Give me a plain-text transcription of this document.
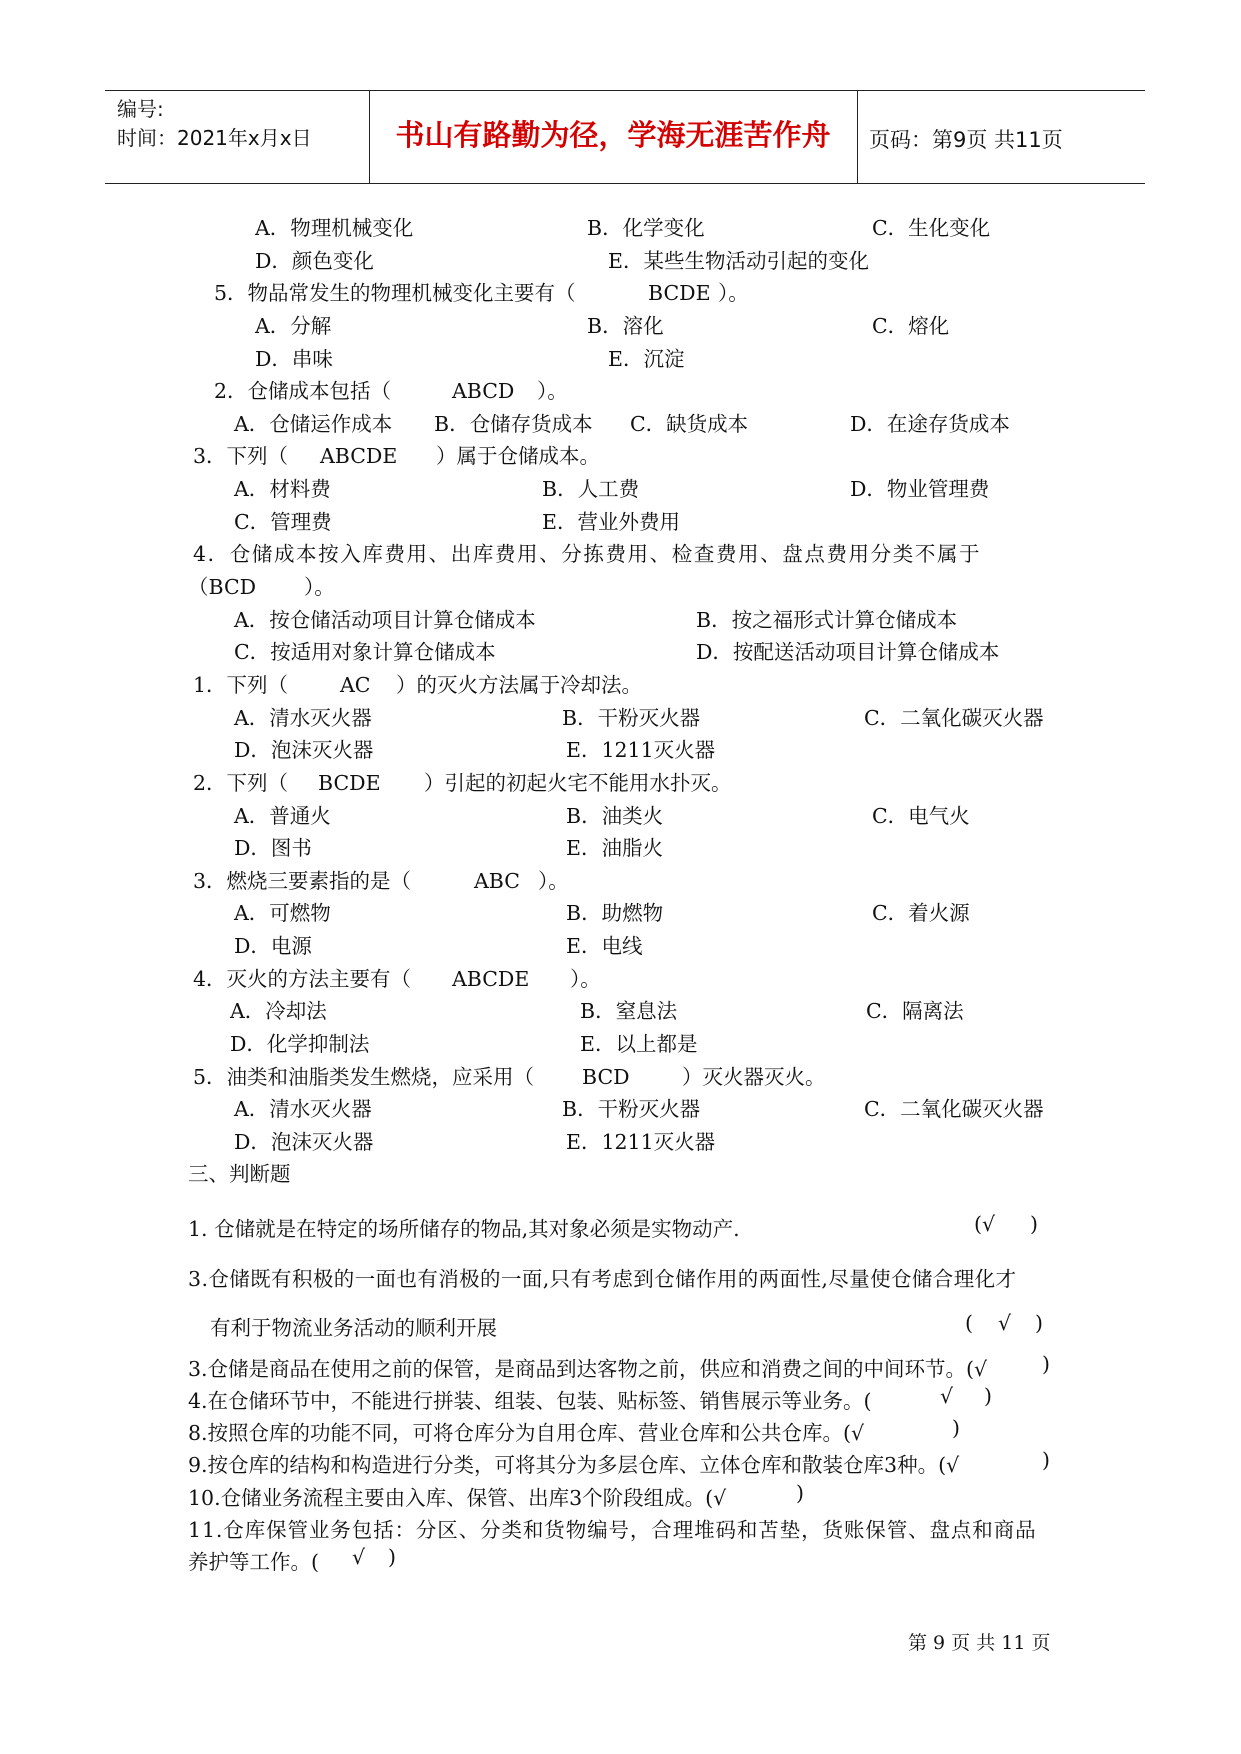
编号:
时间：2021年x月x日	书山有路勤为径，学海无涯苦作舟	页码：第9页 共11页
A．物理机械变化	B．化学变化	C．生化变化
D．颜色变化	E．某些生物活动引起的变化
5．物品常发生的物理机械变化主要有（	BCDE ）。
A．分解	B．溶化	C．熔化
D．串味	E．沉淀
2．仓储成本包括（	ABCD ）。
A．仓储运作成本 B．仓储存货成本 C．缺货成本	D．在途存货成本
3．下列（ ABCDE ）属于仓储成本。
A．材料费	B．人工费	D．物业管理费
C．管理费	E．营业外费用
4．仓储成本按入库费用、出库费用、分拣费用、检查费用、盘点费用分类不属于
（BCD ）。
A．按仓储活动项目计算仓储成本	B．按之福形式计算仓储成本
C．按适用对象计算仓储成本	D．按配送活动项目计算仓储成本
1．下列（	AC ）的灭火方法属于冷却法。
A．清水灭火器	B．干粉灭火器	C．二氧化碳灭火器
D．泡沫灭火器	E．1211灭火器
2．下列（ BCDE ）引起的初起火宅不能用水扑灭。
A．普通火	B．油类火	C．电气火
D．图书	E．油脂火
3．燃烧三要素指的是（	ABC ）。
A．可燃物	B．助燃物	C．着火源
D．电源	E．电线
4．灭火的方法主要有（ ABCDE ）。
A．冷却法	B．窒息法	C．隔离法
D．化学抑制法	E．以上都是
5．油类和油脂类发生燃烧，应采用（ BCD	）灭火器灭火。
A．清水灭火器	B．干粉灭火器	C．二氧化碳灭火器
D．泡沫灭火器	E．1211灭火器
三、判断题
1. 仓储就是在特定的场所储存的物品,其对象必须是实物动产.	(√ )
3.仓储既有积极的一面也有消极的一面,只有考虑到仓储作用的两面性,尽量使仓储合理化才
有利于物流业务活动的顺利开展	( √ )
3.仓储是商品在使用之前的保管，是商品到达客物之前，供应和消费之间的中间环节。(√	)
4.在仓储环节中，不能进行拼装、组装、包装、贴标签、销售展示等业务。(	√ )
8.按照仓库的功能不同，可将仓库分为自用仓库、营业仓库和公共仓库。(√	)
9.按仓库的结构和构造进行分类，可将其分为多层仓库、立体仓库和散装仓库3种。(√	)
10.仓储业务流程主要由入库、保管、出库3个阶段组成。(√	)
11.仓库保管业务包括：分区、分类和货物编号，合理堆码和苫垫，货账保管、盘点和商品
养护等工作。( √ )
第 9 页 共 11 页
